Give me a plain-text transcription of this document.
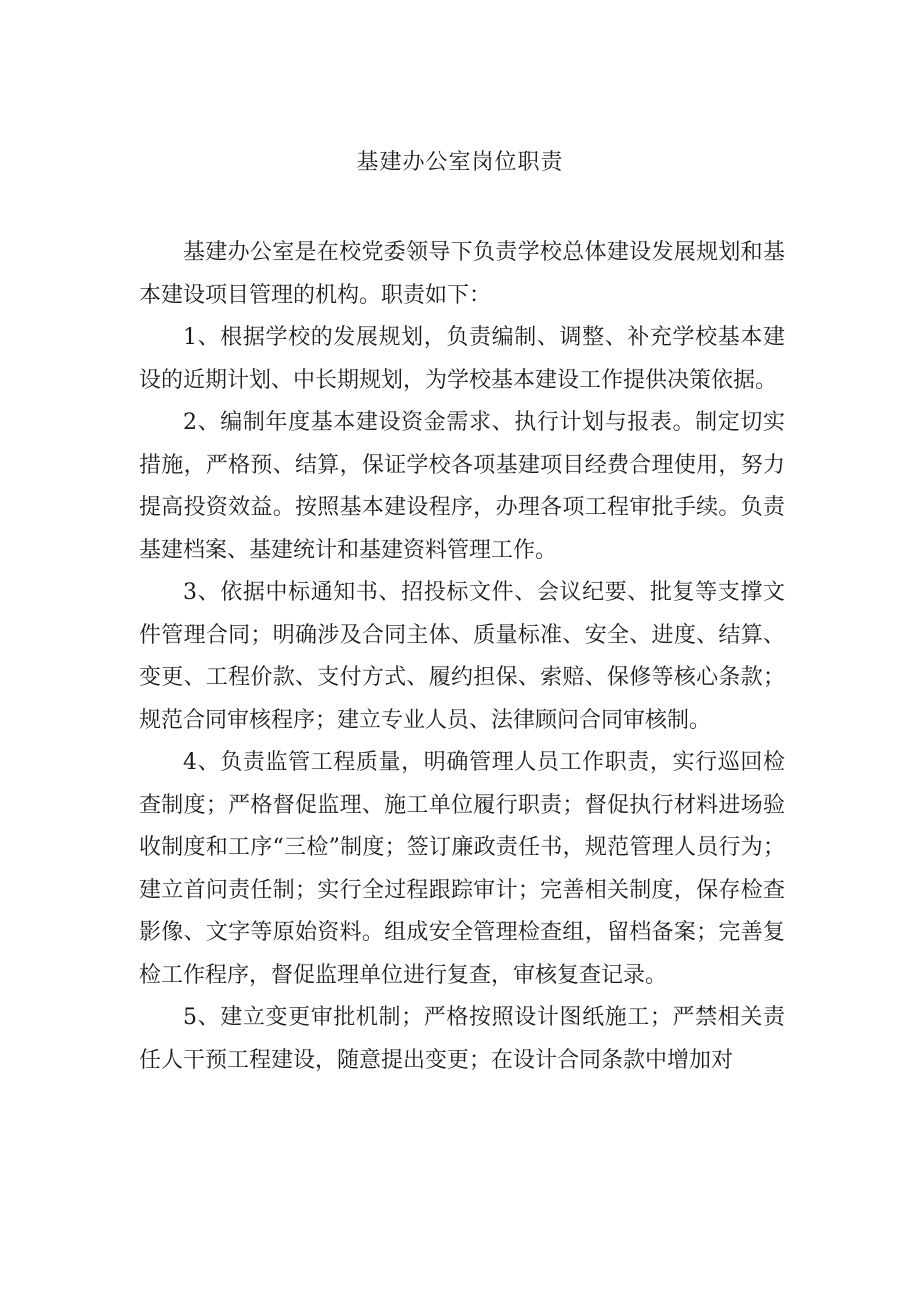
基建办公室岗位职责

基建办公室是在校党委领导下负责学校总体建设发展规划和基本建设项目管理的机构。职责如下：

1、根据学校的发展规划，负责编制、调整、补充学校基本建设的近期计划、中长期规划，为学校基本建设工作提供决策依据。

2、编制年度基本建设资金需求、执行计划与报表。制定切实措施，严格预、结算，保证学校各项基建项目经费合理使用，努力提高投资效益。按照基本建设程序，办理各项工程审批手续。负责基建档案、基建统计和基建资料管理工作。

3、依据中标通知书、招投标文件、会议纪要、批复等支撑文件管理合同；明确涉及合同主体、质量标准、安全、进度、结算、变更、工程价款、支付方式、履约担保、索赔、保修等核心条款；规范合同审核程序；建立专业人员、法律顾问合同审核制。

4、负责监管工程质量，明确管理人员工作职责，实行巡回检查制度；严格督促监理、施工单位履行职责；督促执行材料进场验收制度和工序“三检”制度；签订廉政责任书，规范管理人员行为；建立首问责任制；实行全过程跟踪审计；完善相关制度，保存检查影像、文字等原始资料。组成安全管理检查组，留档备案；完善复检工作程序，督促监理单位进行复查，审核复查记录。

5、建立变更审批机制；严格按照设计图纸施工；严禁相关责任人干预工程建设，随意提出变更；在设计合同条款中增加对
